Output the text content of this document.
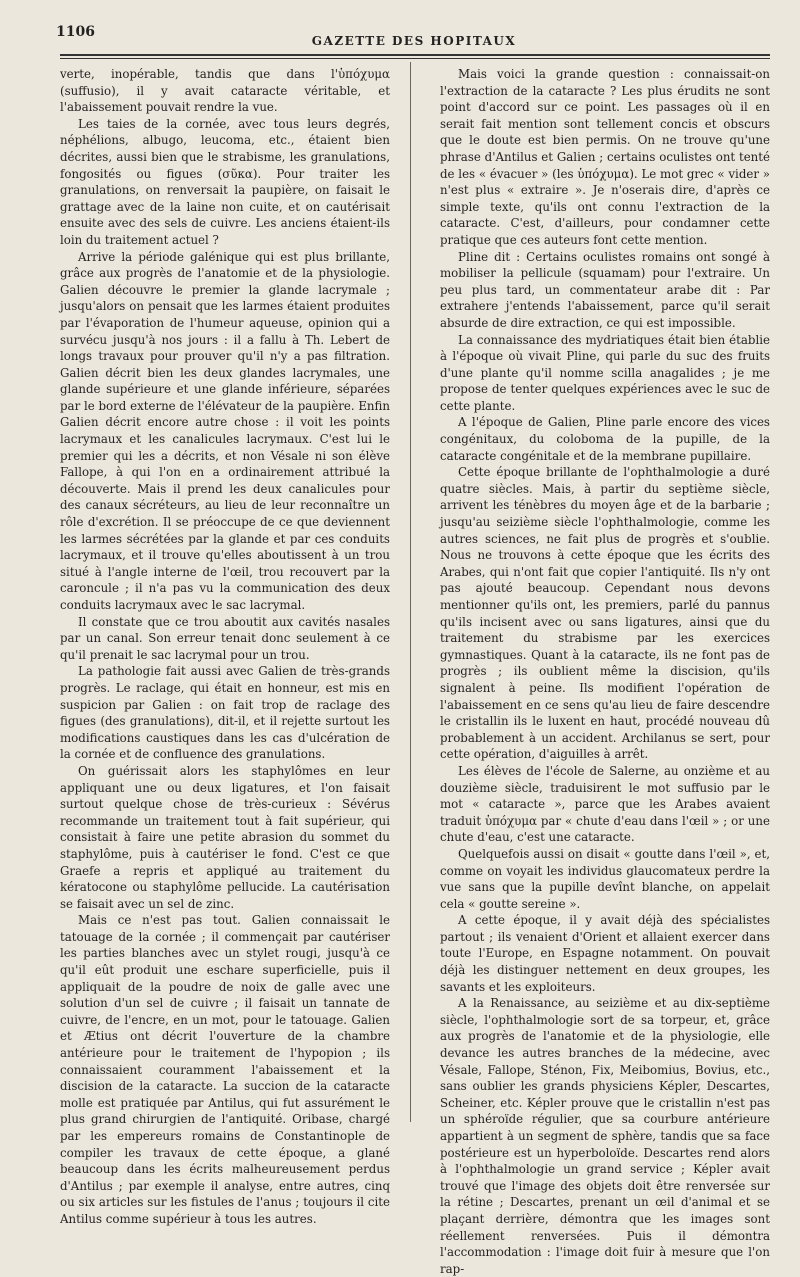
1106
GAZETTE DES HOPITAUX

verte, inopérable, tandis que dans l'ὑπόχυμα (suffusio), il y avait cataracte véritable, et l'abaissement pouvait rendre la vue.

Les taies de la cornée, avec tous leurs degrés, néphélions, albugo, leucoma, etc., étaient bien décrites, aussi bien que le strabisme, les granulations, fongosités ou figues (σῦκα). Pour traiter les granulations, on renversait la paupière, on faisait le grattage avec de la laine non cuite, et on cautérisait ensuite avec des sels de cuivre. Les anciens étaient-ils loin du traitement actuel ?

Arrive la période galénique qui est plus brillante, grâce aux progrès de l'anatomie et de la physiologie. Galien découvre le premier la glande lacrymale ; jusqu'alors on pensait que les larmes étaient produites par l'évaporation de l'humeur aqueuse, opinion qui a survécu jusqu'à nos jours : il a fallu à Th. Lebert de longs travaux pour prouver qu'il n'y a pas filtration. Galien décrit bien les deux glandes lacrymales, une glande supérieure et une glande inférieure, séparées par le bord externe de l'élévateur de la paupière. Enfin Galien décrit encore autre chose : il voit les points lacrymaux et les canalicules lacrymaux. C'est lui le premier qui les a décrits, et non Vésale ni son élève Fallope, à qui l'on en a ordinairement attribué la découverte. Mais il prend les deux canalicules pour des canaux sécréteurs, au lieu de leur reconnaître un rôle d'excrétion. Il se préoccupe de ce que deviennent les larmes sécrétées par la glande et par ces conduits lacrymaux, et il trouve qu'elles aboutissent à un trou situé à l'angle interne de l'œil, trou recouvert par la caroncule ; il n'a pas vu la communication des deux conduits lacrymaux avec le sac lacrymal.

Il constate que ce trou aboutit aux cavités nasales par un canal. Son erreur tenait donc seulement à ce qu'il prenait le sac lacrymal pour un trou.

La pathologie fait aussi avec Galien de très-grands progrès. Le raclage, qui était en honneur, est mis en suspicion par Galien : on fait trop de raclage des figues (des granulations), dit-il, et il rejette surtout les modifications caustiques dans les cas d'ulcération de la cornée et de confluence des granulations.

On guérissait alors les staphylômes en leur appliquant une ou deux ligatures, et l'on faisait surtout quelque chose de très-curieux : Sévérus recommande un traitement tout à fait supérieur, qui consistait à faire une petite abrasion du sommet du staphylôme, puis à cautériser le fond. C'est ce que Graefe a repris et appliqué au traitement du kératocone ou staphylôme pellucide. La cautérisation se faisait avec un sel de zinc.

Mais ce n'est pas tout. Galien connaissait le tatouage de la cornée ; il commençait par cautériser les parties blanches avec un stylet rougi, jusqu'à ce qu'il eût produit une eschare superficielle, puis il appliquait de la poudre de noix de galle avec une solution d'un sel de cuivre ; il faisait un tannate de cuivre, de l'encre, en un mot, pour le tatouage. Galien et Ætius ont décrit l'ouverture de la chambre antérieure pour le traitement de l'hypopion ; ils connaissaient couramment l'abaissement et la discision de la cataracte. La succion de la cataracte molle est pratiquée par Antilus, qui fut assurément le plus grand chirurgien de l'antiquité. Oribase, chargé par les empereurs romains de Constantinople de compiler les travaux de cette époque, a glané beaucoup dans les écrits malheureusement perdus d'Antilus ; par exemple il analyse, entre autres, cinq ou six articles sur les fistules de l'anus ; toujours il cite Antilus comme supérieur à tous les autres.

Mais voici la grande question : connaissait-on l'extraction de la cataracte ? Les plus érudits ne sont point d'accord sur ce point. Les passages où il en serait fait mention sont tellement concis et obscurs que le doute est bien permis. On ne trouve qu'une phrase d'Antilus et Galien ; certains oculistes ont tenté de les « évacuer » (les ὑπόχυμα). Le mot grec « vider » n'est plus « extraire ». Je n'oserais dire, d'après ce simple texte, qu'ils ont connu l'extraction de la cataracte. C'est, d'ailleurs, pour condamner cette pratique que ces auteurs font cette mention.

Pline dit : Certains oculistes romains ont songé à mobiliser la pellicule (squamam) pour l'extraire. Un peu plus tard, un commentateur arabe dit : Par extrahere j'entends l'abaissement, parce qu'il serait absurde de dire extraction, ce qui est impossible.

La connaissance des mydriatiques était bien établie à l'époque où vivait Pline, qui parle du suc des fruits d'une plante qu'il nomme scilla anagalides ; je me propose de tenter quelques expériences avec le suc de cette plante.

A l'époque de Galien, Pline parle encore des vices congénitaux, du coloboma de la pupille, de la cataracte congénitale et de la membrane pupillaire.

Cette époque brillante de l'ophthalmologie a duré quatre siècles. Mais, à partir du septième siècle, arrivent les ténèbres du moyen âge et de la barbarie ; jusqu'au seizième siècle l'ophthalmologie, comme les autres sciences, ne fait plus de progrès et s'oublie. Nous ne trouvons à cette époque que les écrits des Arabes, qui n'ont fait que copier l'antiquité. Ils n'y ont pas ajouté beaucoup. Cependant nous devons mentionner qu'ils ont, les premiers, parlé du pannus qu'ils incisent avec ou sans ligatures, ainsi que du traitement du strabisme par les exercices gymnastiques. Quant à la cataracte, ils ne font pas de progrès ; ils oublient même la discision, qu'ils signalent à peine. Ils modifient l'opération de l'abaissement en ce sens qu'au lieu de faire descendre le cristallin ils le luxent en haut, procédé nouveau dû probablement à un accident. Archilanus se sert, pour cette opération, d'aiguilles à arrêt.

Les élèves de l'école de Salerne, au onzième et au douzième siècle, traduisirent le mot suffusio par le mot « cataracte », parce que les Arabes avaient traduit ὑπόχυμα par « chute d'eau dans l'œil » ; or une chute d'eau, c'est une cataracte.

Quelquefois aussi on disait « goutte dans l'œil », et, comme on voyait les individus glaucomateux perdre la vue sans que la pupille devînt blanche, on appelait cela « goutte sereine ».

A cette époque, il y avait déjà des spécialistes partout ; ils venaient d'Orient et allaient exercer dans toute l'Europe, en Espagne notamment. On pouvait déjà les distinguer nettement en deux groupes, les savants et les exploiteurs.

A la Renaissance, au seizième et au dix-septième siècle, l'ophthalmologie sort de sa torpeur, et, grâce aux progrès de l'anatomie et de la physiologie, elle devance les autres branches de la médecine, avec Vésale, Fallope, Sténon, Fix, Meibomius, Bovius, etc., sans oublier les grands physiciens Képler, Descartes, Scheiner, etc. Képler prouve que le cristallin n'est pas un sphéroïde régulier, que sa courbure antérieure appartient à un segment de sphère, tandis que sa face postérieure est un hyperboloïde. Descartes rend alors à l'ophthalmologie un grand service ; Képler avait trouvé que l'image des objets doit être renversée sur la rétine ; Descartes, prenant un œil d'animal et se plaçant derrière, démontra que les images sont réellement renversées. Puis il démontra l'accommodation : l'image doit fuir à mesure que l'on rap-
